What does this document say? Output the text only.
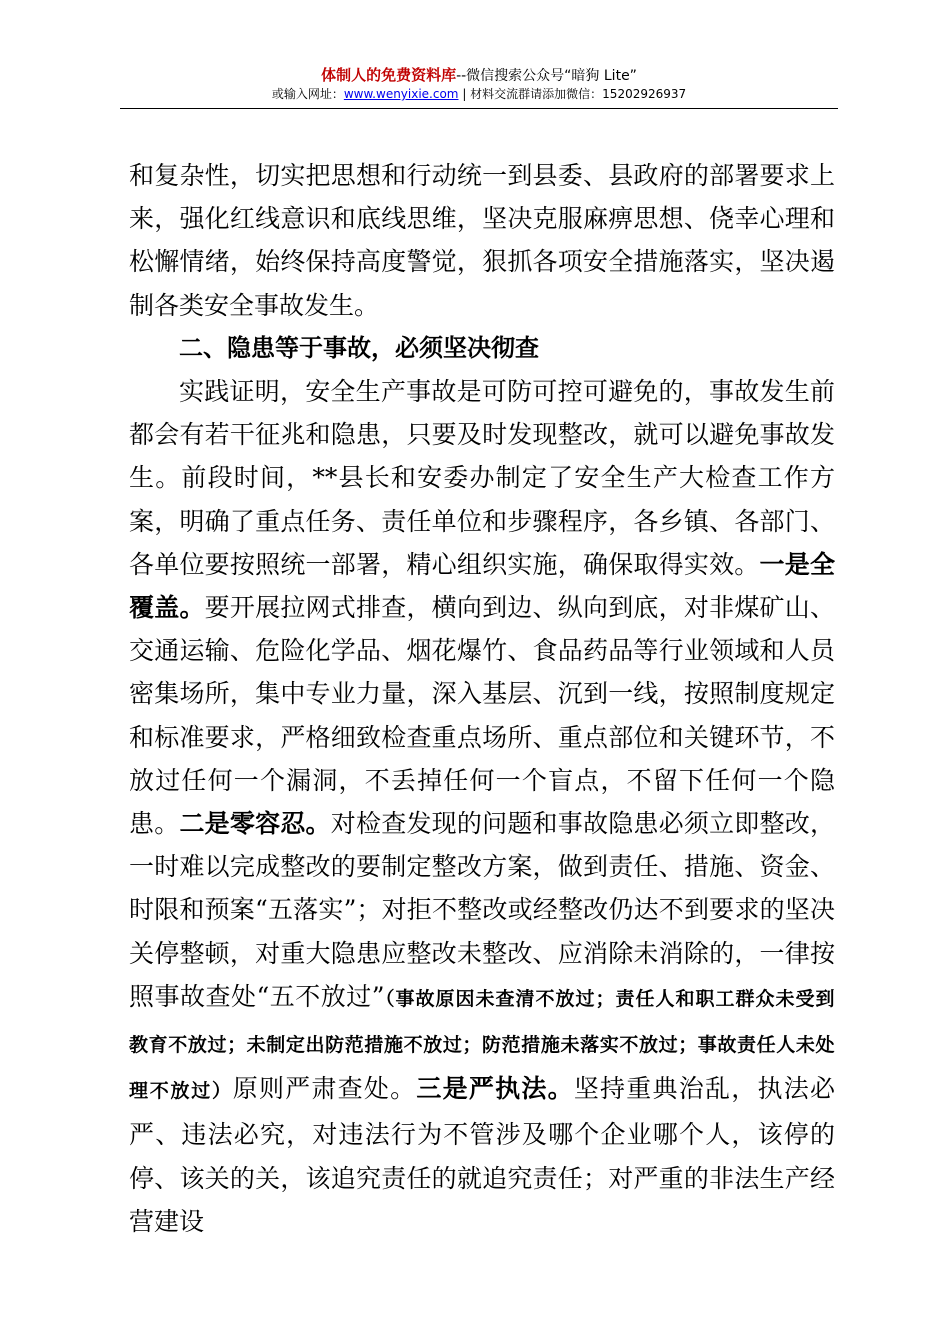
体制人的免费资料库--微信搜索公众号“暗狗 Lite”
或输入网址：www.wenyixie.com | 材料交流群请添加微信：15202926937

和复杂性，切实把思想和行动统一到县委、县政府的部署要求上来，强化红线意识和底线思维，坚决克服麻痹思想、侥幸心理和松懈情绪，始终保持高度警觉，狠抓各项安全措施落实，坚决遏制各类安全事故发生。

二、隐患等于事故，必须坚决彻查

实践证明，安全生产事故是可防可控可避免的，事故发生前都会有若干征兆和隐患，只要及时发现整改，就可以避免事故发生。前段时间，**县长和安委办制定了安全生产大检查工作方案，明确了重点任务、责任单位和步骤程序，各乡镇、各部门、各单位要按照统一部署，精心组织实施，确保取得实效。一是全覆盖。要开展拉网式排查，横向到边、纵向到底，对非煤矿山、交通运输、危险化学品、烟花爆竹、食品药品等行业领域和人员密集场所，集中专业力量，深入基层、沉到一线，按照制度规定和标准要求，严格细致检查重点场所、重点部位和关键环节，不放过任何一个漏洞，不丢掉任何一个盲点，不留下任何一个隐患。二是零容忍。对检查发现的问题和事故隐患必须立即整改，一时难以完成整改的要制定整改方案，做到责任、措施、资金、时限和预案“五落实”；对拒不整改或经整改仍达不到要求的坚决关停整顿，对重大隐患应整改未整改、应消除未消除的，一律按照事故查处“五不放过”（事故原因未查清不放过；责任人和职工群众未受到教育不放过；未制定出防范措施不放过；防范措施未落实不放过；事故责任人未处理不放过）原则严肃查处。三是严执法。坚持重典治乱，执法必严、违法必究，对违法行为不管涉及哪个企业哪个人，该停的停、该关的关，该追究责任的就追究责任；对严重的非法生产经营建设
